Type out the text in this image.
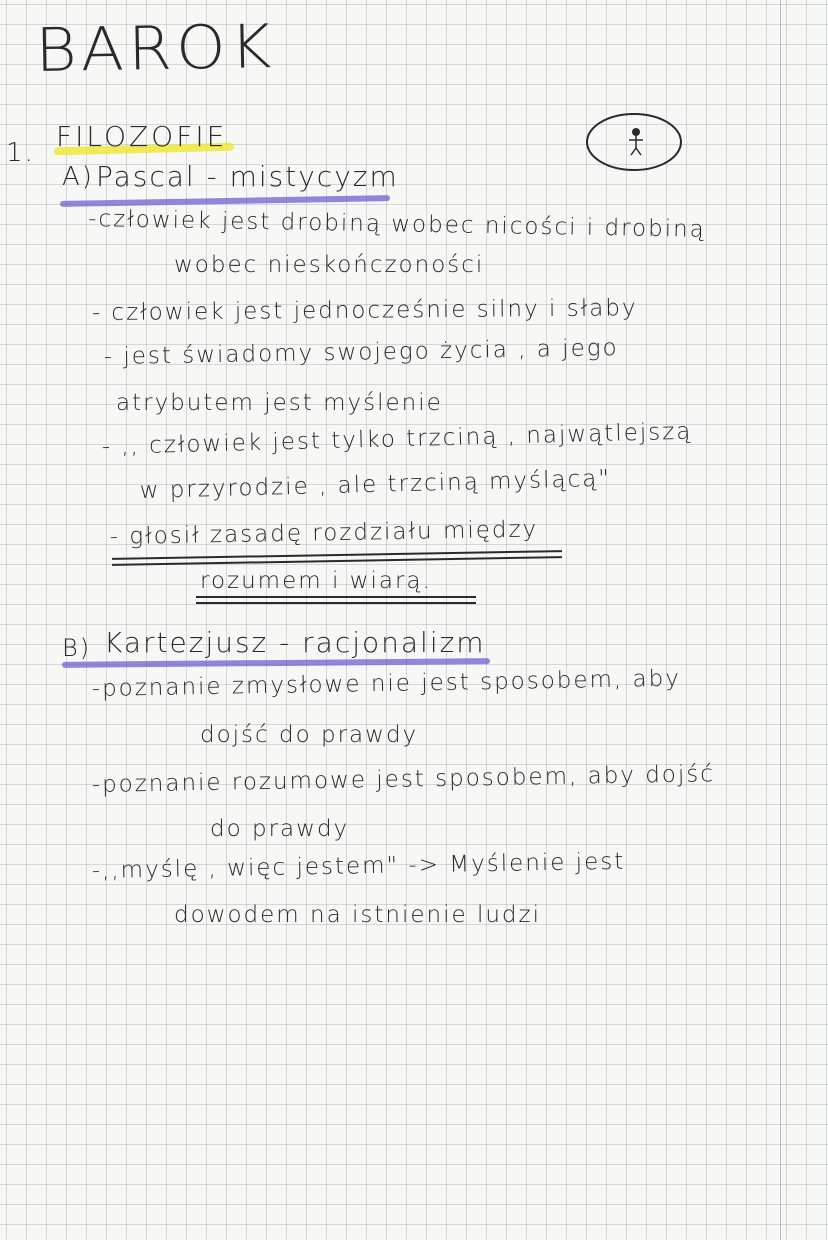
BAROK
1. FILOZOFIE
A) Pascal - mistycyzm
-człowiek jest drobiną wobec nicości i drobiną
wobec nieskończoności
- człowiek jest jednocześnie silny i słaby
- jest świadomy swojego życia , a jego
atrybutem jest myślenie
- ,, człowiek jest tylko trzciną , najwątlejszą
w przyrodzie , ale trzciną myślącą"
- głosił zasadę rozdziału między
rozumem i wiarą.
B) Kartezjusz - racjonalizm
-poznanie zmysłowe nie jest sposobem, aby
dojść do prawdy
-poznanie rozumowe jest sposobem, aby dojść
do prawdy
-,,myślę , więc jestem" -> Myślenie jest
dowodem na istnienie ludzi
